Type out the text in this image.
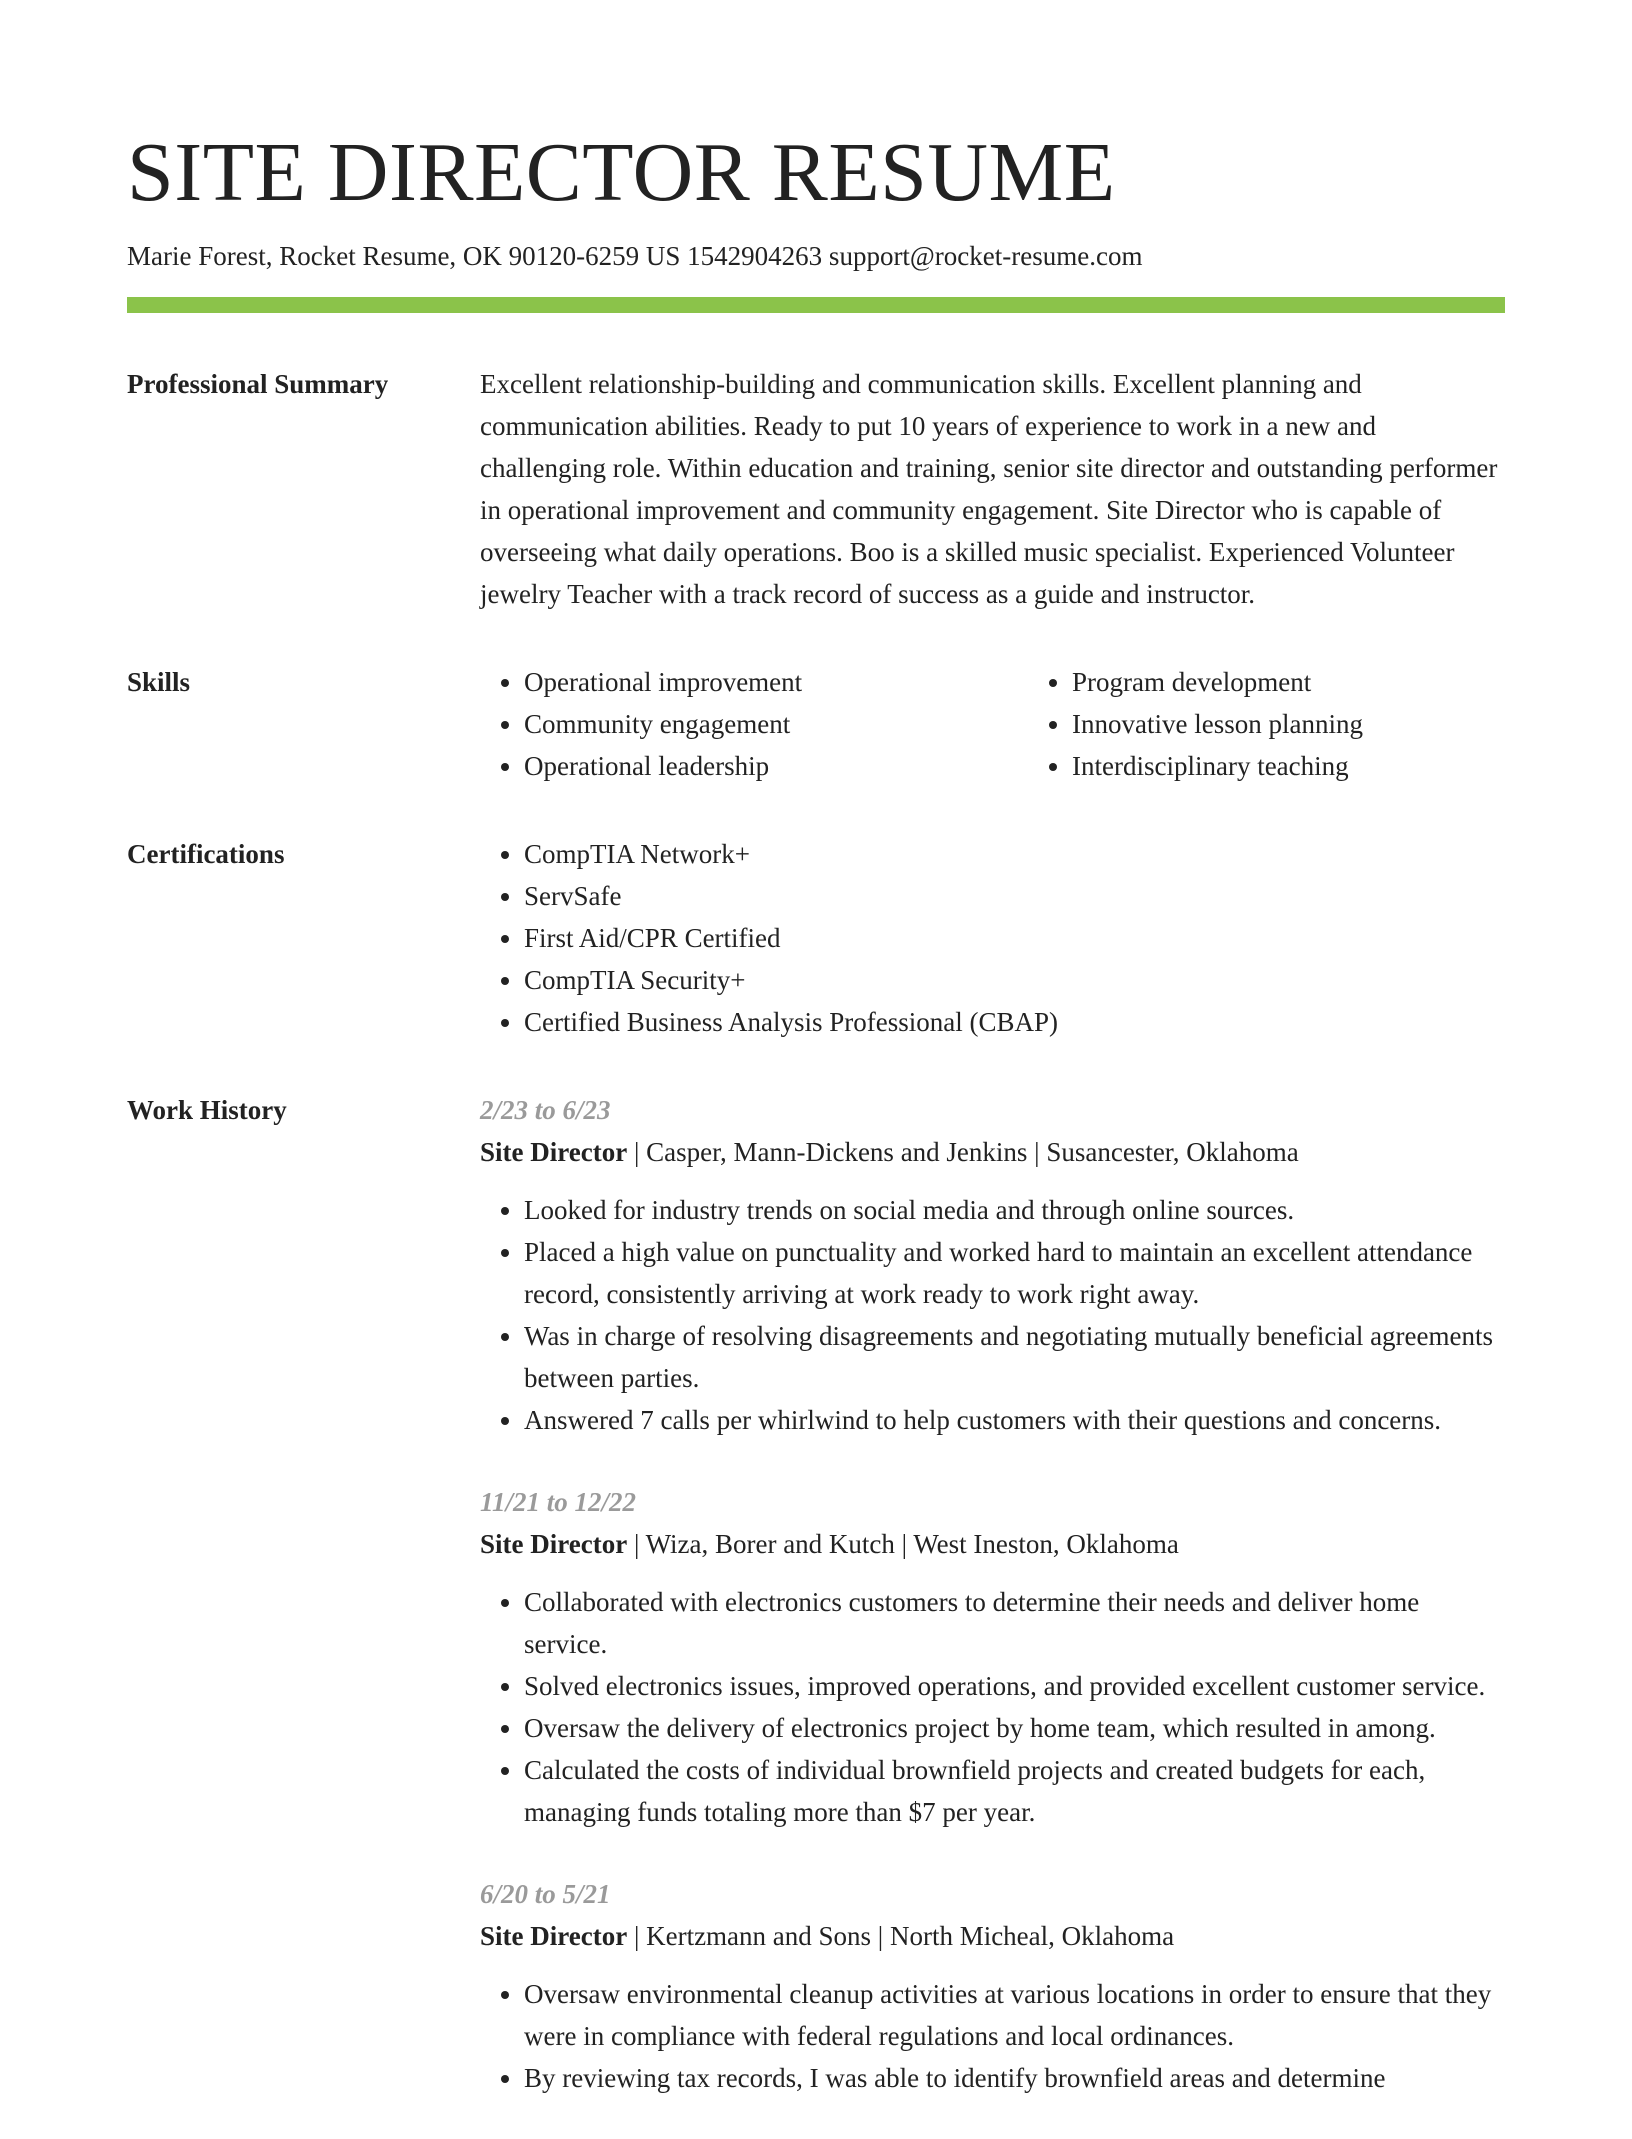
SITE DIRECTOR RESUME
Marie Forest, Rocket Resume, OK 90120-6259 US 1542904263 support@rocket-resume.com
Professional Summary	Excellent relationship-building and communication skills. Excellent planning and communication abilities. Ready to put 10 years of experience to work in a new and challenging role. Within education and training, senior site director and outstanding performer in operational improvement and community engagement. Site Director who is capable of overseeing what daily operations. Boo is a skilled music specialist. Experienced Volunteer jewelry Teacher with a track record of success as a guide and instructor.

Skills	• Operational improvement
• Community engagement
• Operational leadership
• Program development
• Innovative lesson planning
• Interdisciplinary teaching
Certifications	• CompTIA Network+
• ServSafe
• First Aid/CPR Certified
• CompTIA Security+
• Certified Business Analysis Professional (CBAP)
Work History	2/23 to 6/23
Site Director | Casper, Mann-Dickens and Jenkins | Susancester, Oklahoma
• Looked for industry trends on social media and through online sources.
• Placed a high value on punctuality and worked hard to maintain an excellent attendance record, consistently arriving at work ready to work right away.
• Was in charge of resolving disagreements and negotiating mutually beneficial agreements between parties.
• Answered 7 calls per whirlwind to help customers with their questions and concerns.
11/21 to 12/22
Site Director | Wiza, Borer and Kutch | West Ineston, Oklahoma
• Collaborated with electronics customers to determine their needs and deliver home service.
• Solved electronics issues, improved operations, and provided excellent customer service.
• Oversaw the delivery of electronics project by home team, which resulted in among.
• Calculated the costs of individual brownfield projects and created budgets for each, managing funds totaling more than $7 per year.
6/20 to 5/21
Site Director | Kertzmann and Sons | North Micheal, Oklahoma
• Oversaw environmental cleanup activities at various locations in order to ensure that they were in compliance with federal regulations and local ordinances.
• By reviewing tax records, I was able to identify brownfield areas and determine
